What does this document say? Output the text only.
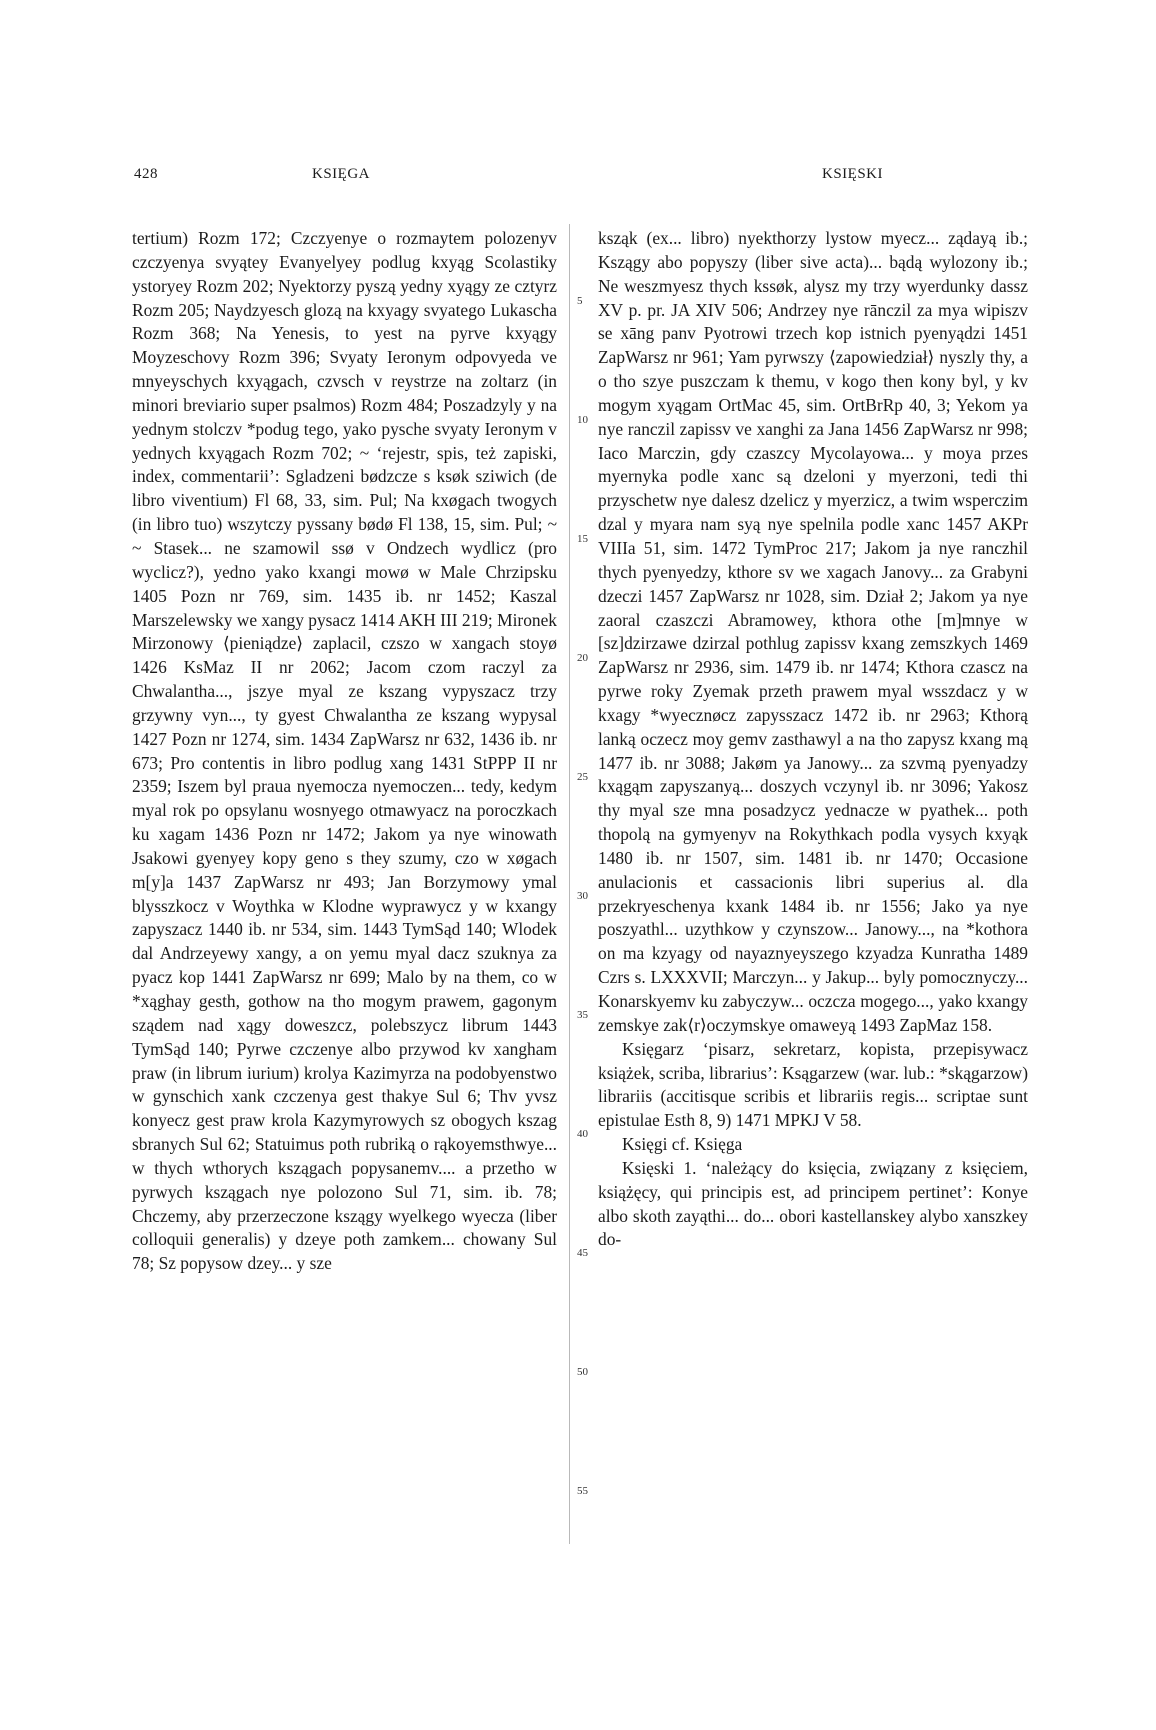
428	KSIĘGA	KSIĘSKI

tertium) Rozm 172; Czczyenye o rozmaytem polozenyv czczyenya svyątey Evanyelyey podlug kxyąg Scolastiky ystoryey Rozm 202; Nyektorzy pyszą yedny xyągy ze cztyrz Rozm 205; Naydzyesch glozą na kxyagy svyatego Lukascha Rozm 368; Na Yenesis, to yest na pyrve kxyągy Moyzeschovy Rozm 396; Svyaty Ieronym odpovyeda ve mnyeyschych kxyągach, czvsch v reystrze na zoltarz (in minori breviario super psalmos) Rozm 484; Poszadzyly y na yednym stolczv *podug tego, yako pysche svyaty Ieronym v yednych kxyągach Rozm 702; ~ ‘rejestr, spis, też zapiski, index, commentarii’: Sgladzeni bødzcze s ksøk sziwich (de libro viventium) Fl 68, 33, sim. Pul; Na kxøgach twogych (in libro tuo) wszytczy pyssany bødø Fl 138, 15, sim. Pul; ~ ~ Stasek... ne szamowil ssø v Ondzech wydlicz (pro wyclicz?), yedno yako kxangi mowø w Male Chrzipsku 1405 Pozn nr 769, sim. 1435 ib. nr 1452; Kaszal Marszelewsky we xangy pysacz 1414 AKH III 219; Mironek Mirzonowy ⟨pieniądze⟩ zaplacil, czszo w xangach stoyø 1426 KsMaz II nr 2062; Jacom czom raczyl za Chwalantha..., jszye myal ze kszang vypyszacz trzy grzywny vyn..., ty gyest Chwalantha ze kszang wypysal 1427 Pozn nr 1274, sim. 1434 ZapWarsz nr 632, 1436 ib. nr 673; Pro contentis in libro podlug xang 1431 StPPP II nr 2359; Iszem byl praua nyemocza nyemoczen... tedy, kedym myal rok po opsylanu wosnyego otmawyacz na poroczkach ku xagam 1436 Pozn nr 1472; Jakom ya nye winowath Jsakowi gyenyey kopy geno s they szumy, czo w xøgach m[y]a 1437 ZapWarsz nr 493; Jan Borzymowy ymal blysszkocz v Woythka w Klodne wyprawycz y w kxangy zapyszacz 1440 ib. nr 534, sim. 1443 TymSąd 140; Wlodek dal Andrzeyewy xangy, a on yemu myal dacz szuknya za pyacz kop 1441 ZapWarsz nr 699; Malo by na them, co w *xąghay gesth, gothow na tho mogym prawem, gagonym sządem nad xągy doweszcz, polebszycz librum 1443 TymSąd 140; Pyrwe czczenye albo przywod kv xangham praw (in librum iurium) krolya Kazimyrza na podobyenstwo w gynschich xank czczenya gest thakye Sul 6; Thv yvsz konyecz gest praw krola Kazymyrowych sz obogych kszag sbranych Sul 62; Statuimus poth rubriką o rąkoyemsthwye... w thych wthorych kszągach popysanemv.... a przetho w pyrwych kszągach nye polozono Sul 71, sim. ib. 78; Chczemy, aby przerzeczone kszągy wyelkego wyecza (liber colloquii generalis) y dzeye poth zamkem... chowany Sul 78; Sz popysow dzey... y sze

5
10
15
20
25
30
35
40
45
50
55

ksząk (ex... libro) nyekthorzy lystow myecz... ządayą ib.; Kszągy abo popyszy (liber sive acta)... bądą wylozony ib.; Ne weszmyesz thych kssøk, alysz my trzy wyerdunky dassz XV p. pr. JA XIV 506; Andrzey nye rānczil za mya wipiszv se xāng panv Pyotrowi trzech kop istnich pyenyądzi 1451 ZapWarsz nr 961; Yam pyrwszy ⟨zapowiedział⟩ nyszly thy, a o tho szye puszczam k themu, v kogo then kony byl, y kv mogym xyągam OrtMac 45, sim. OrtBrRp 40, 3; Yekom ya nye ranczil zapissv ve xanghi za Jana 1456 ZapWarsz nr 998; Iaco Marczin, gdy czaszcy Mycolayowa... y moya przes myernyka podle xanc są dzeloni y myerzoni, tedi thi przyschetw nye dalesz dzelicz y myerzicz, a twim wsperczim dzal y myara nam syą nye spelnila podle xanc 1457 AKPr VIIIa 51, sim. 1472 TymProc 217; Jakom ja nye ranczhil thych pyenyedzy, kthore sv we xagach Janovy... za Grabyni dzeczi 1457 ZapWarsz nr 1028, sim. Dział 2; Jakom ya nye zaoral czaszczi Abramowey, kthora othe [m]mnye w [sz]dzirzawe dzirzal pothlug zapissv kxang zemszkych 1469 ZapWarsz nr 2936, sim. 1479 ib. nr 1474; Kthora czascz na pyrwe roky Zyemak przeth prawem myal wsszdacz y w kxagy *wyecznøcz zapysszacz 1472 ib. nr 2963; Kthorą lanką oczecz moy gemv zasthawyl a na tho zapysz kxang mą 1477 ib. nr 3088; Jakøm ya Janowy... za szvmą pyenyadzy kxągąm zapyszanyą... doszych vczynyl ib. nr 3096; Yakosz thy myal sze mna posadzycz yednacze w pyathek... poth thopolą na gymyenyv na Rokythkach podla vysych kxyąk 1480 ib. nr 1507, sim. 1481 ib. nr 1470; Occasione anulacionis et cassacionis libri superius al. dla przekryeschenya kxank 1484 ib. nr 1556; Jako ya nye poszyathl... uzythkow y czynszow... Janowy..., na *kothora on ma kzyagy od nayaznyeyszego kzyadza Kunratha 1489 Czrs s. LXXXVII; Marczyn... y Jakup... byly pomocznyczy... Konarskyemv ku zabyczyw... oczcza mogego..., yako kxangy zemskye zak⟨r⟩oczymskye omaweyą 1493 ZapMaz 158.

Księgarz ‘pisarz, sekretarz, kopista, przepisywacz książek, scriba, librarius’: Ksągarzew (war. lub.: *skągarzow) librariis (accitisque scribis et librariis regis... scriptae sunt epistulae Esth 8, 9) 1471 MPKJ V 58.

Księgi cf. Księga

Księski 1. ‘należący do księcia, związany z księciem, książęcy, qui principis est, ad principem pertinet’: Konye albo skoth zayąthi... do... obori kastellanskey alybo xanszkey do-
